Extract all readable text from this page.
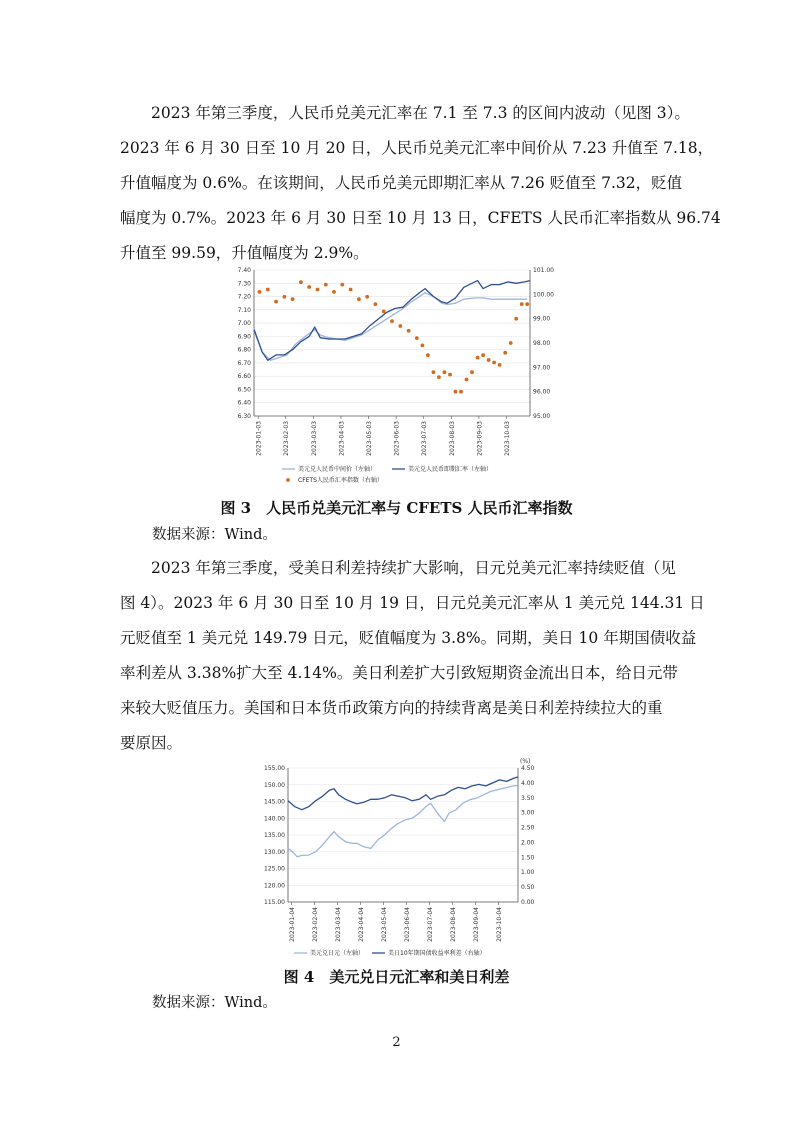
2023 年第三季度，人民币兑美元汇率在 7.1 至 7.3 的区间内波动（见图 3）。
2023 年 6 月 30 日至 10 月 20 日，人民币兑美元汇率中间价从 7.23 升值至 7.18，
升值幅度为 0.6%。在该期间，人民币兑美元即期汇率从 7.26 贬值至 7.32，贬值
幅度为 0.7%。2023 年 6 月 30 日至 10 月 13 日，CFETS 人民币汇率指数从 96.74
升值至 99.59，升值幅度为 2.9%。
6.30
6.40
6.50
6.60
6.70
6.80
6.90
7.00
7.10
7.20
7.30
7.40
95.00
96.00
97.00
98.00
99.00
100.00
101.00
2023-01-03	2023-02-03	2023-03-03	2023-04-03	2023-05-03	2023-06-03	2023-07-03	2023-08-03	2023-09-03	2023-10-03
美元兑人民币中间价（左轴）	美元兑人民币即期汇率（左轴）
CFETS人民币汇率指数（右轴）
图 3　人民币兑美元汇率与 CFETS 人民币汇率指数
数据来源：Wind。
2023 年第三季度，受美日利差持续扩大影响，日元兑美元汇率持续贬值（见
图 4）。2023 年 6 月 30 日至 10 月 19 日，日元兑美元汇率从 1 美元兑 144.31 日
元贬值至 1 美元兑 149.79 日元，贬值幅度为 3.8%。同期，美日 10 年期国债收益
率利差从 3.38%扩大至 4.14%。美日利差扩大引致短期资金流出日本，给日元带
来较大贬值压力。美国和日本货币政策方向的持续背离是美日利差持续拉大的重
要原因。
115.00
120.00
125.00
130.00
135.00
140.00
145.00
150.00
155.00
0.00
0.50
1.00
1.50
2.00
2.50
3.00
3.50
4.00
4.50
(%)
2023-01-04	2023-02-04	2023-03-04	2023-04-04	2023-05-04	2023-06-04	2023-07-04	2023-08-04	2023-09-04	2023-10-04
美元兑日元（左轴）	美日10年期国债收益率利差（右轴）
图 4　美元兑日元汇率和美日利差
数据来源：Wind。
2
